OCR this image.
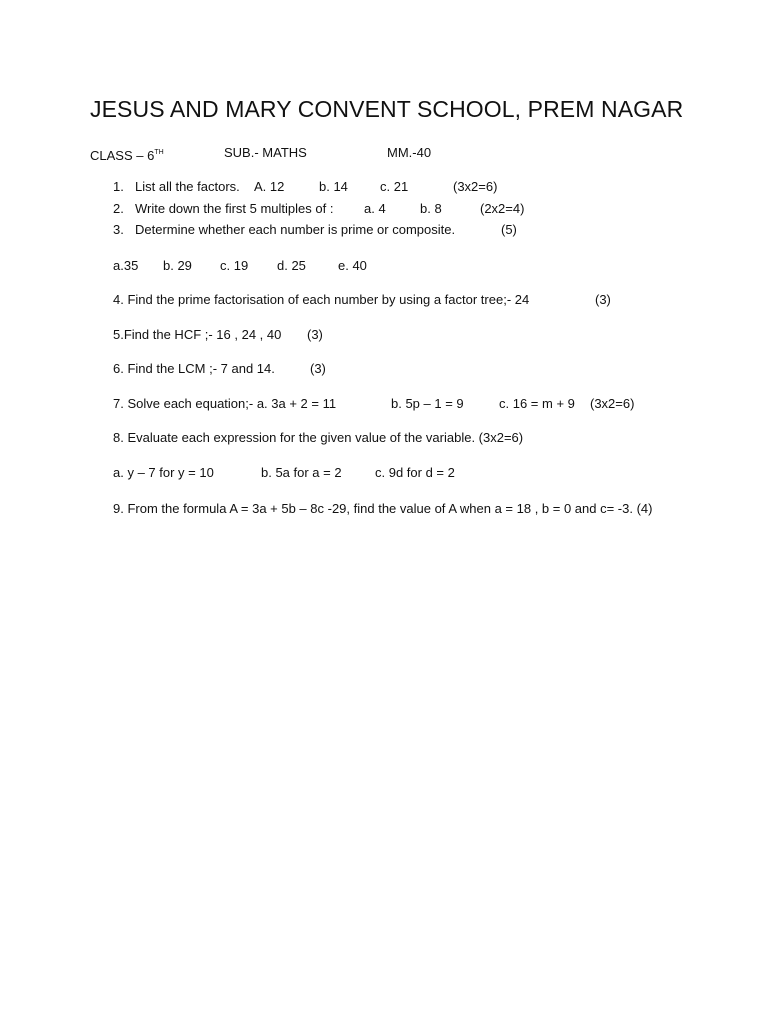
JESUS AND MARY CONVENT SCHOOL, PREM NAGAR
CLASS – 6TH	SUB.- MATHS	MM.-40
1. List all the factors. A. 12	b. 14 c. 21	(3x2=6)
2. Write down the first 5 multiples of : a. 4	b. 8	(2x2=4)
3. Determine whether each number is prime or composite.	(5)
a.35 b. 29 c. 19 d. 25 e. 40
4. Find the prime factorisation of each number by using a factor tree;- 24	(3)
5.Find the HCF ;- 16 , 24 , 40 (3)
6. Find the LCM ;- 7 and 14.	(3)
7. Solve each equation;- a. 3a + 2 = 11	b. 5p – 1 = 9	c. 16 = m + 9 (3x2=6)
8. Evaluate each expression for the given value of the variable. (3x2=6)
a. y – 7 for y = 10	b. 5a for a = 2	c. 9d for d = 2
9. From the formula A = 3a + 5b – 8c -29, find the value of A when a = 18 , b = 0 and c= -3. (4)
